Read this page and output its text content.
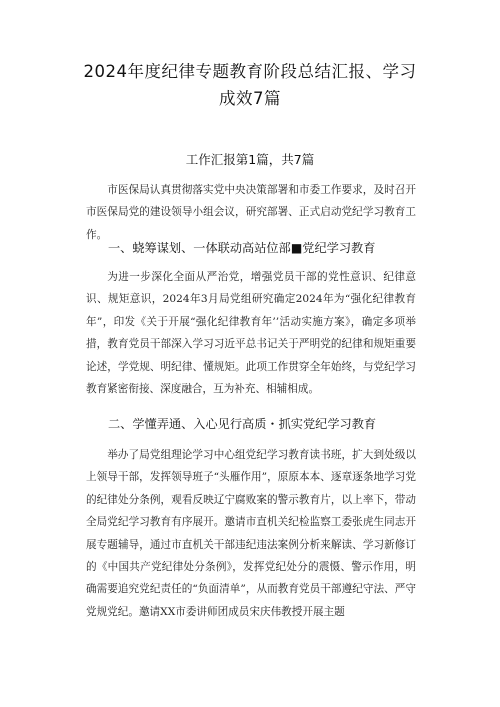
2024年度纪律专题教育阶段总结汇报、学习成效7篇
工作汇报第1篇，共7篇

市医保局认真贯彻落实党中央决策部署和市委工作要求，及时召开市医保局党的建设领导小组会议，研究部署、正式启动党纪学习教育工作。

一、蛲筹谋划、一体联动高站位部■党纪学习教育

为进一步深化全面从严治党，增强党员干部的党性意识、纪律意识、规矩意识，2024年3月局党组研究确定2024年为“强化纪律教育年”，印发《关于开展“强化纪律教育年’’活动实施方案》，确定多项举措，教育党员干部深入学习习近平总书记关于严明党的纪律和规矩重要论述，学党规、明纪律、懂规矩。此项工作贯穿全年始终，与党纪学习教育紧密衔接、深度融合，互为补充、相辅相成。

二、学懂弄通、入心见行高质・抓实党纪学习教育

举办了局党组理论学习中心组党纪学习教育读书班，扩大到处级以上领导干部，发挥领导班子“头雁作用”，原原本本、逐章逐条地学习党的纪律处分条例，观看反映辽宁腐败案的警示教育片，以上率下，带动全局党纪学习教育有序展开。邀请市直机关纪检监察工委张虎生同志开展专题辅导，通过市直机关干部违纪违法案例分析来解读、学习新修订的《中国共产党纪律处分条例》，发挥党纪处分的震慑、警示作用，明确需要追究党纪责任的“负面清单”，从而教育党员干部遵纪守法、严守党规党纪。邀请XX市委讲师团成员宋庆伟教授开展主题
